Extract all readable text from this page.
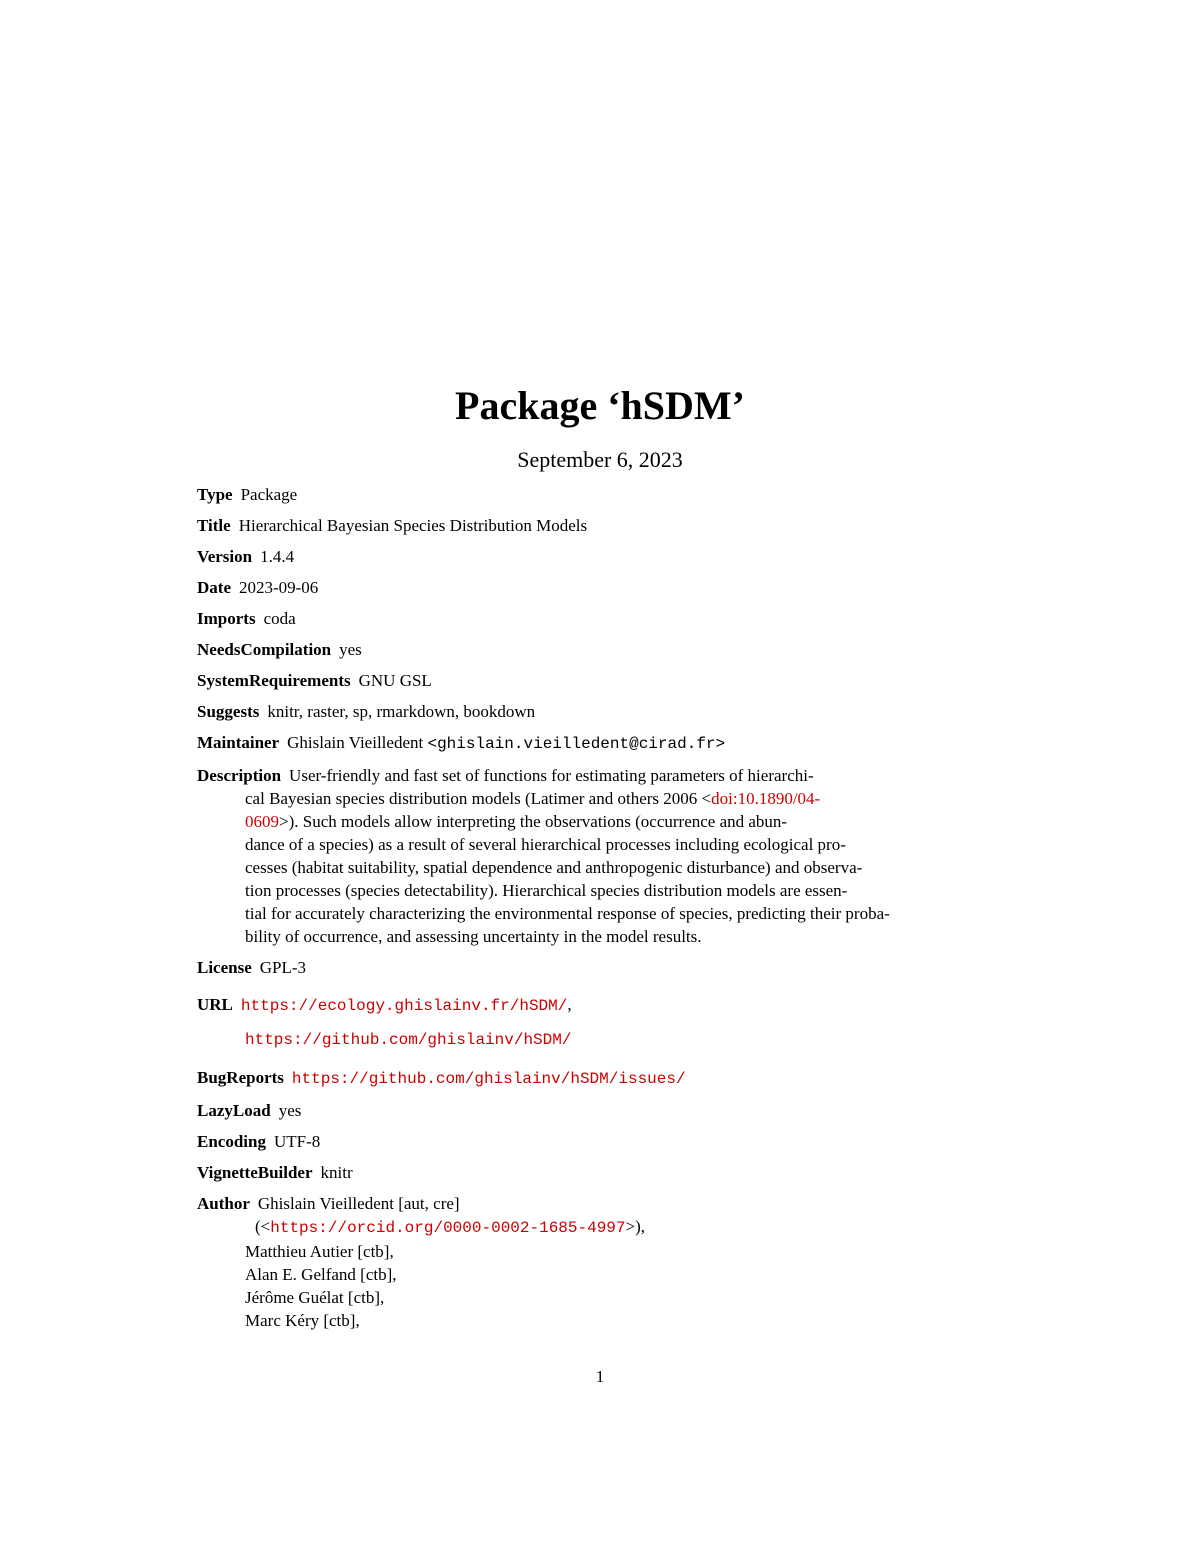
Package ‘hSDM’
September 6, 2023
Type Package
Title Hierarchical Bayesian Species Distribution Models
Version 1.4.4
Date 2023-09-06
Imports coda
NeedsCompilation yes
SystemRequirements GNU GSL
Suggests knitr, raster, sp, rmarkdown, bookdown
Maintainer Ghislain Vieilledent <ghislain.vieilledent@cirad.fr>
Description User-friendly and fast set of functions for estimating parameters of hierarchi-
cal Bayesian species distribution models (Latimer and others 2006 <doi:10.1890/04-
0609>). Such models allow interpreting the observations (occurrence and abun-
dance of a species) as a result of several hierarchical processes including ecological pro-
cesses (habitat suitability, spatial dependence and anthropogenic disturbance) and observa-
tion processes (species detectability). Hierarchical species distribution models are essen-
tial for accurately characterizing the environmental response of species, predicting their proba-
bility of occurrence, and assessing uncertainty in the model results.
License GPL-3
URL https://ecology.ghislainv.fr/hSDM/,
https://github.com/ghislainv/hSDM/
BugReports https://github.com/ghislainv/hSDM/issues/
LazyLoad yes
Encoding UTF-8
VignetteBuilder knitr
Author Ghislain Vieilledent [aut, cre]
(<https://orcid.org/0000-0002-1685-4997>),
Matthieu Autier [ctb],
Alan E. Gelfand [ctb],
Jérôme Guélat [ctb],
Marc Kéry [ctb],
1
